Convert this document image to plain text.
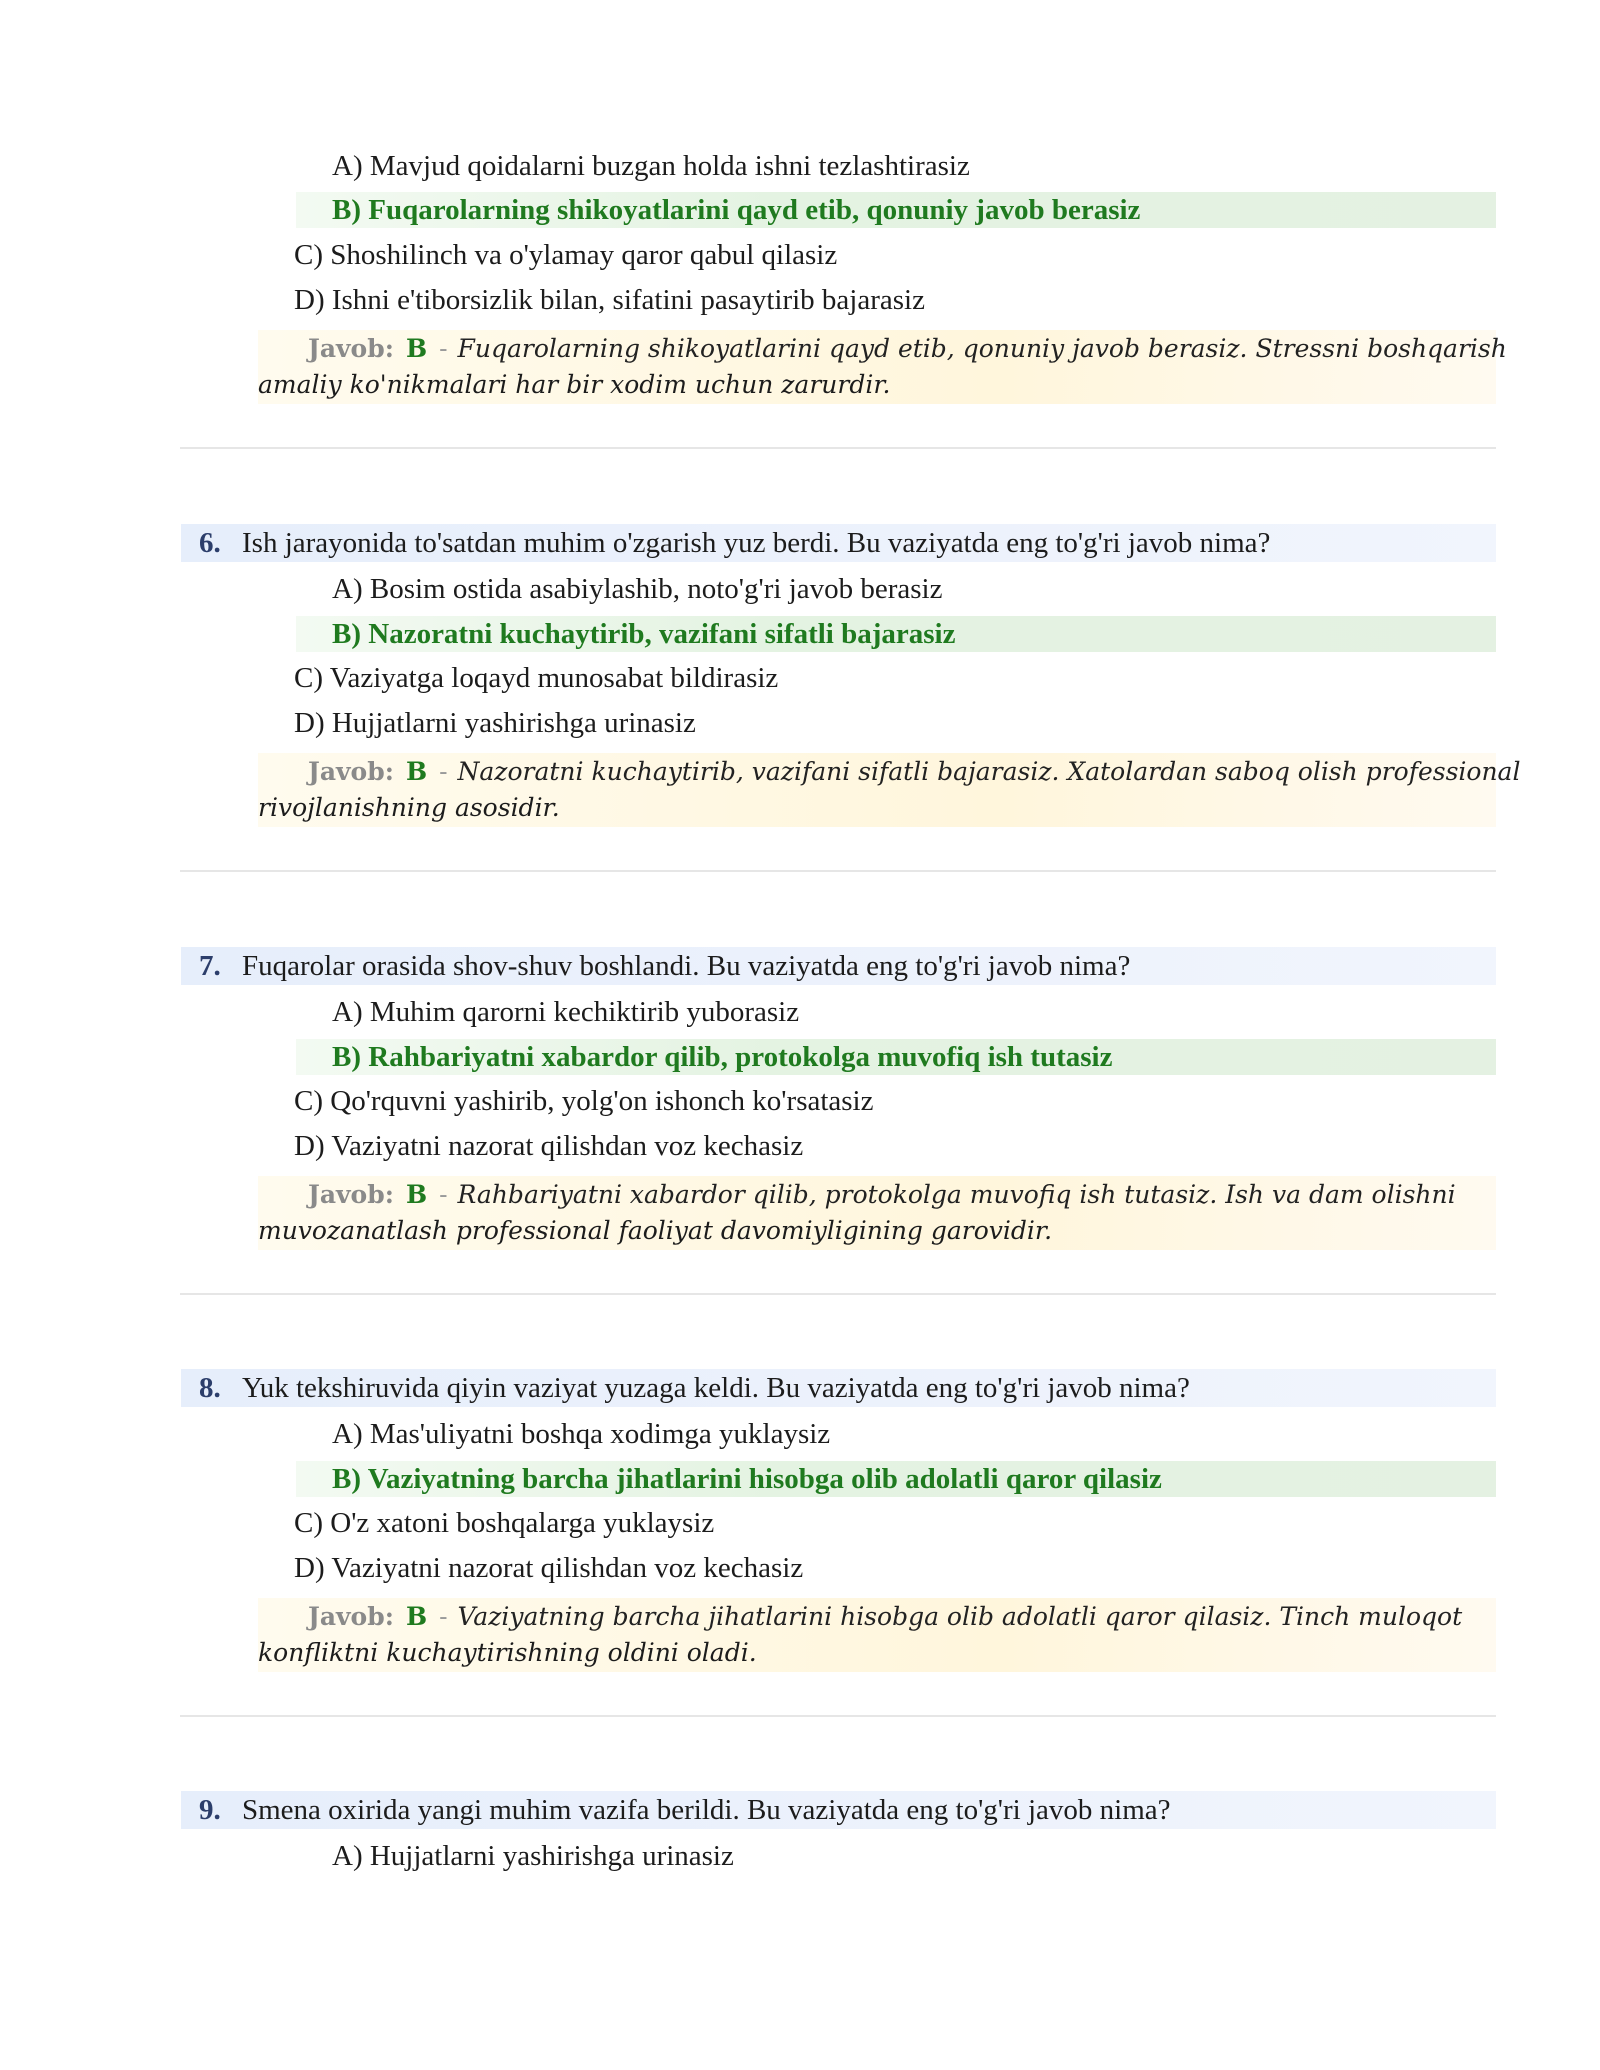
A) Mavjud qoidalarni buzgan holda ishni tezlashtirasiz
B) Fuqarolarning shikoyatlarini qayd etib, qonuniy javob berasiz
C) Shoshilinch va o'ylamay qaror qabul qilasiz
D) Ishni e'tiborsizlik bilan, sifatini pasaytirib bajarasiz
Javob: B - Fuqarolarning shikoyatlarini qayd etib, qonuniy javob berasiz. Stressni boshqarish
amaliy ko'nikmalari har bir xodim uchun zarurdir.
6. Ish jarayonida to'satdan muhim o'zgarish yuz berdi. Bu vaziyatda eng to'g'ri javob nima?
A) Bosim ostida asabiylashib, noto'g'ri javob berasiz
B) Nazoratni kuchaytirib, vazifani sifatli bajarasiz
C) Vaziyatga loqayd munosabat bildirasiz
D) Hujjatlarni yashirishga urinasiz
Javob: B - Nazoratni kuchaytirib, vazifani sifatli bajarasiz. Xatolardan saboq olish professional
rivojlanishning asosidir.
7. Fuqarolar orasida shov-shuv boshlandi. Bu vaziyatda eng to'g'ri javob nima?
A) Muhim qarorni kechiktirib yuborasiz
B) Rahbariyatni xabardor qilib, protokolga muvofiq ish tutasiz
C) Qo'rquvni yashirib, yolg'on ishonch ko'rsatasiz
D) Vaziyatni nazorat qilishdan voz kechasiz
Javob: B - Rahbariyatni xabardor qilib, protokolga muvofiq ish tutasiz. Ish va dam olishni
muvozanatlash professional faoliyat davomiyligining garovidir.
8. Yuk tekshiruvida qiyin vaziyat yuzaga keldi. Bu vaziyatda eng to'g'ri javob nima?
A) Mas'uliyatni boshqa xodimga yuklaysiz
B) Vaziyatning barcha jihatlarini hisobga olib adolatli qaror qilasiz
C) O'z xatoni boshqalarga yuklaysiz
D) Vaziyatni nazorat qilishdan voz kechasiz
Javob: B - Vaziyatning barcha jihatlarini hisobga olib adolatli qaror qilasiz. Tinch muloqot
konfliktni kuchaytirishning oldini oladi.
9. Smena oxirida yangi muhim vazifa berildi. Bu vaziyatda eng to'g'ri javob nima?
A) Hujjatlarni yashirishga urinasiz
